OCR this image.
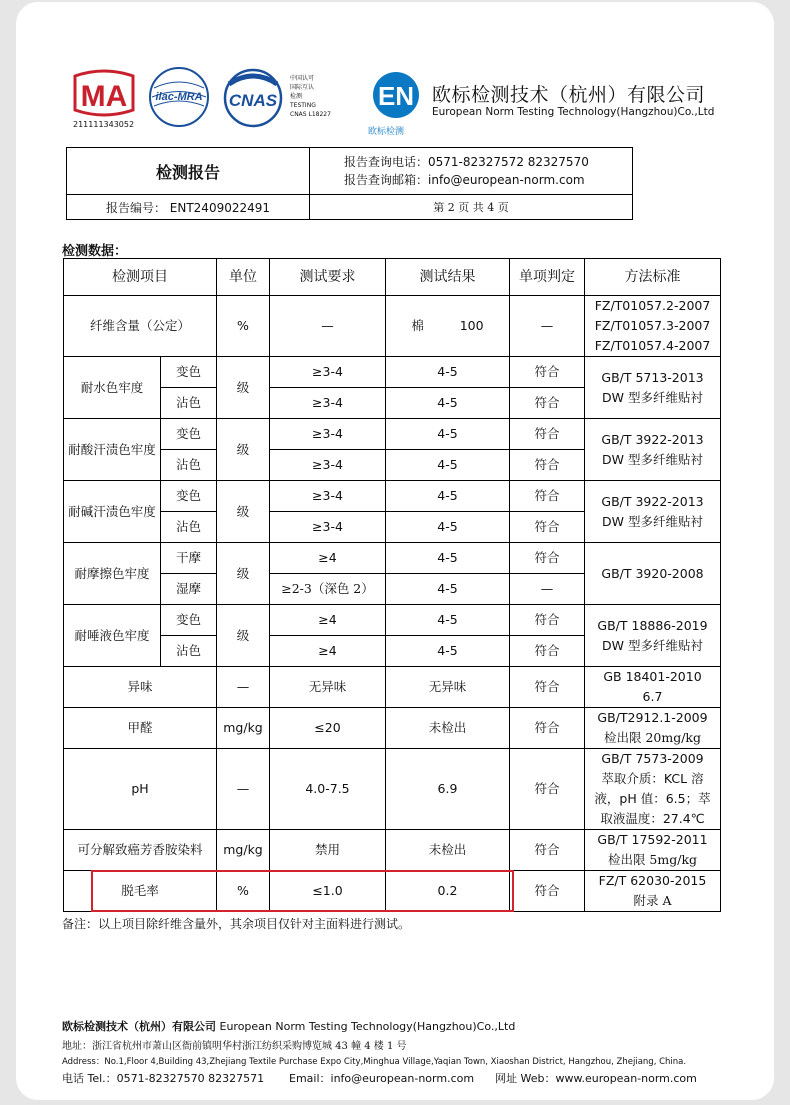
MA
211111343052
ilac-MRA CNAS
中国认可
国际互认
检测
TESTING
CNAS L18227
EN
欧标检测
欧标检测技术（杭州）有限公司
European Norm Testing Technology(Hangzhou)Co.,Ltd
检测报告	报告查询电话：0571-82327572 82327570
报告查询邮箱：info@european-norm.com

报告编号： ENT2409022491	第 2 页 共 4 页
检测数据：
检测项目		单位	测试要求	测试结果	单项判定	方法标准
纤维含量（公定）		%	—	棉 100	—	FZ/T01057.2-2007
FZ/T01057.3-2007
FZ/T01057.4-2007

耐水色牢度	变色	级	≥3-4	4-5	符合	GB/T 5713-2013
DW 型多纤维贴衬

	沾色		≥3-4	4-5	符合	
耐酸汗渍色牢度	变色	级	≥3-4	4-5	符合	GB/T 3922-2013
DW 型多纤维贴衬

	沾色		≥3-4	4-5	符合	
耐碱汗渍色牢度	变色	级	≥3-4	4-5	符合	GB/T 3922-2013
DW 型多纤维贴衬

	沾色		≥3-4	4-5	符合	
耐摩擦色牢度	干摩	级	≥4	4-5	符合	GB/T 3920-2008
	湿摩		≥2-3（深色 2）	4-5	—	
耐唾液色牢度	变色	级	≥4	4-5	符合	GB/T 18886-2019
DW 型多纤维贴衬

	沾色		≥4	4-5	符合	
异味		—	无异味	无异味	符合	GB 18401-2010
6.7

甲醛		mg/kg	≤20	未检出	符合	GB/T2912.1-2009
检出限 20mg/kg

pH		—	4.0-7.5	6.9	符合	GB/T 7573-2009
萃取介质：KCL 溶
液，pH 值：6.5；萃
取液温度：27.4℃

可分解致癌芳香胺染料		mg/kg	禁用	未检出	符合	GB/T 17592-2011
检出限 5mg/kg

脱毛率		%	≤1.0	0.2	符合	FZ/T 62030-2015
附录 A
备注：以上项目除纤维含量外，其余项目仅针对主面料进行测试。
欧标检测技术（杭州）有限公司 European Norm Testing Technology(Hangzhou)Co.,Ltd
地址：浙江省杭州市萧山区衙前镇明华村浙江纺织采购博览城 43 幢 4 楼 1 号
Address：No.1,Floor 4,Building 43,Zhejiang Textile Purchase Expo City,Minghua Village,Yaqian Town, Xiaoshan District, Hangzhou, Zhejiang, China.
电话 Tel.：0571-82327570 82327571 Email：info@european-norm.com 网址 Web：www.european-norm.com
